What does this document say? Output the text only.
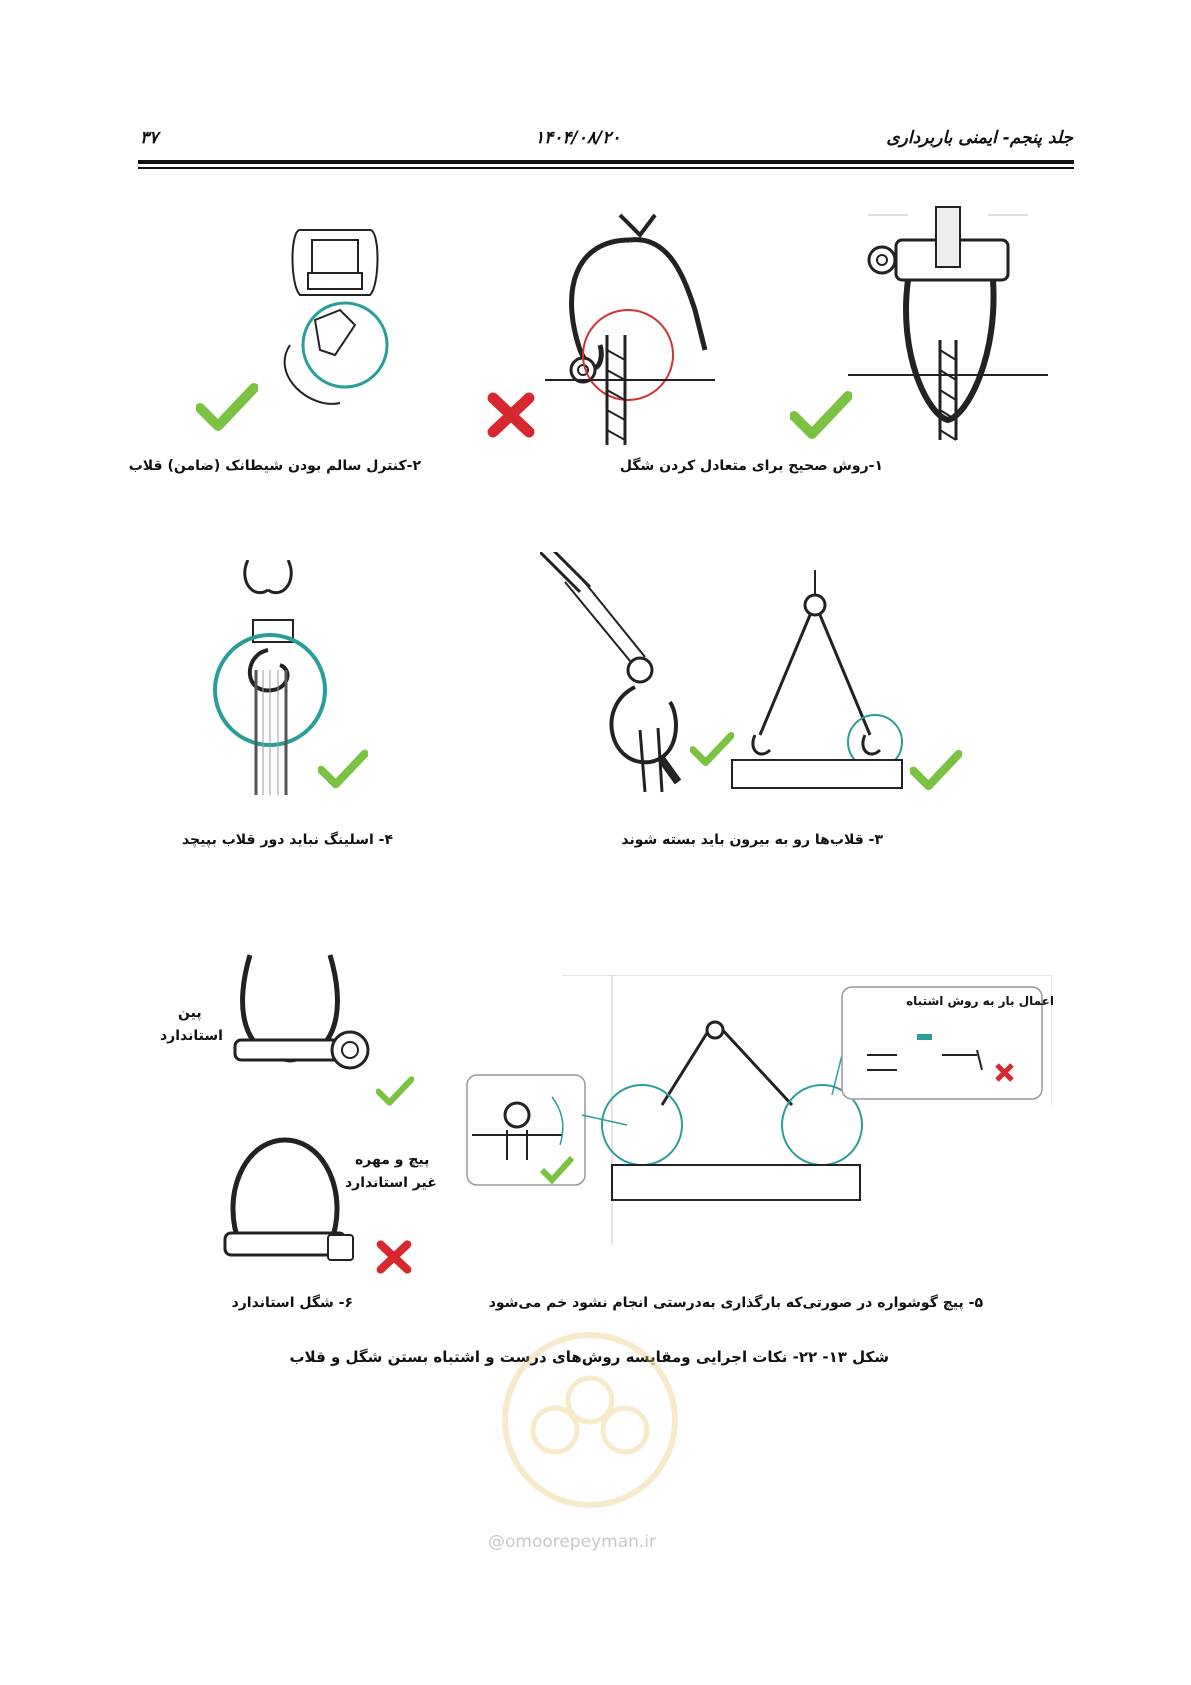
۳۷	۱۴۰۴/۰۸/۲۰	جلد پنجم- ایمنی باربرداری
۱-روش صحیح برای متعادل کردن شگل
۲-کنترل سالم بودن شیطانک (ضامن) قلاب
۳- قلاب‌ها رو به بیرون باید بسته شوند
۴- اسلینگ نباید دور قلاب بپیچد
اعمال بار به روش اشتباه
پین
استاندارد
پیچ و مهره
غیر استاندارد
۵- پیچ گوشواره در صورتی‌که بارگذاری به‌درستی انجام نشود خم می‌شود
۶- شگل استاندارد
شکل ۱۳- ۲۲- نکات اجرایی ومقایسه روش‌های درست و اشتباه بستن شگل و قلاب
@omoorepeyman.ir
